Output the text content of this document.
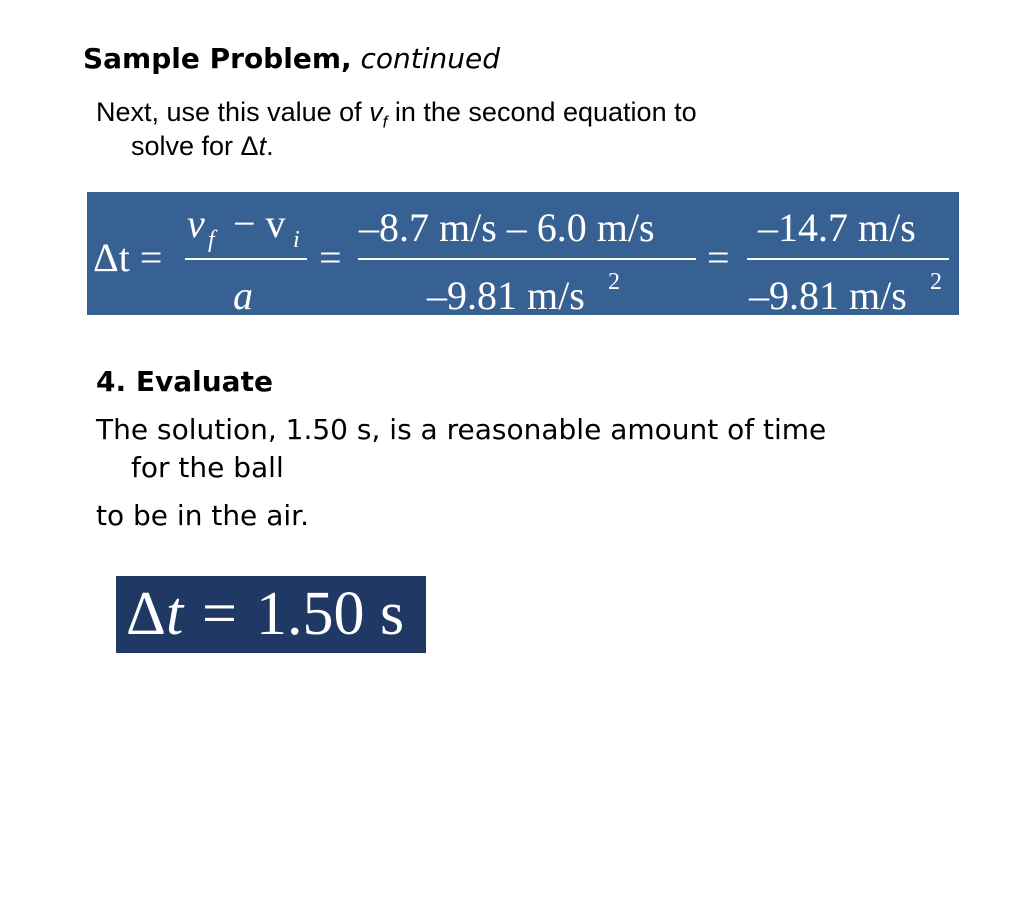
Sample Problem, continued
Next, use this value of $v_f$ in the second equation to
solve for Δt.
Δt =
v f − v i
a
=
–8.7 m/s – 6.0 m/s
–9.81 m/s 2
=
–14.7 m/s
–9.81 m/s 2
4. Evaluate
The solution, 1.50 s, is a reasonable amount of time
for the ball
to be in the air.
Δ t = 1.50 s
